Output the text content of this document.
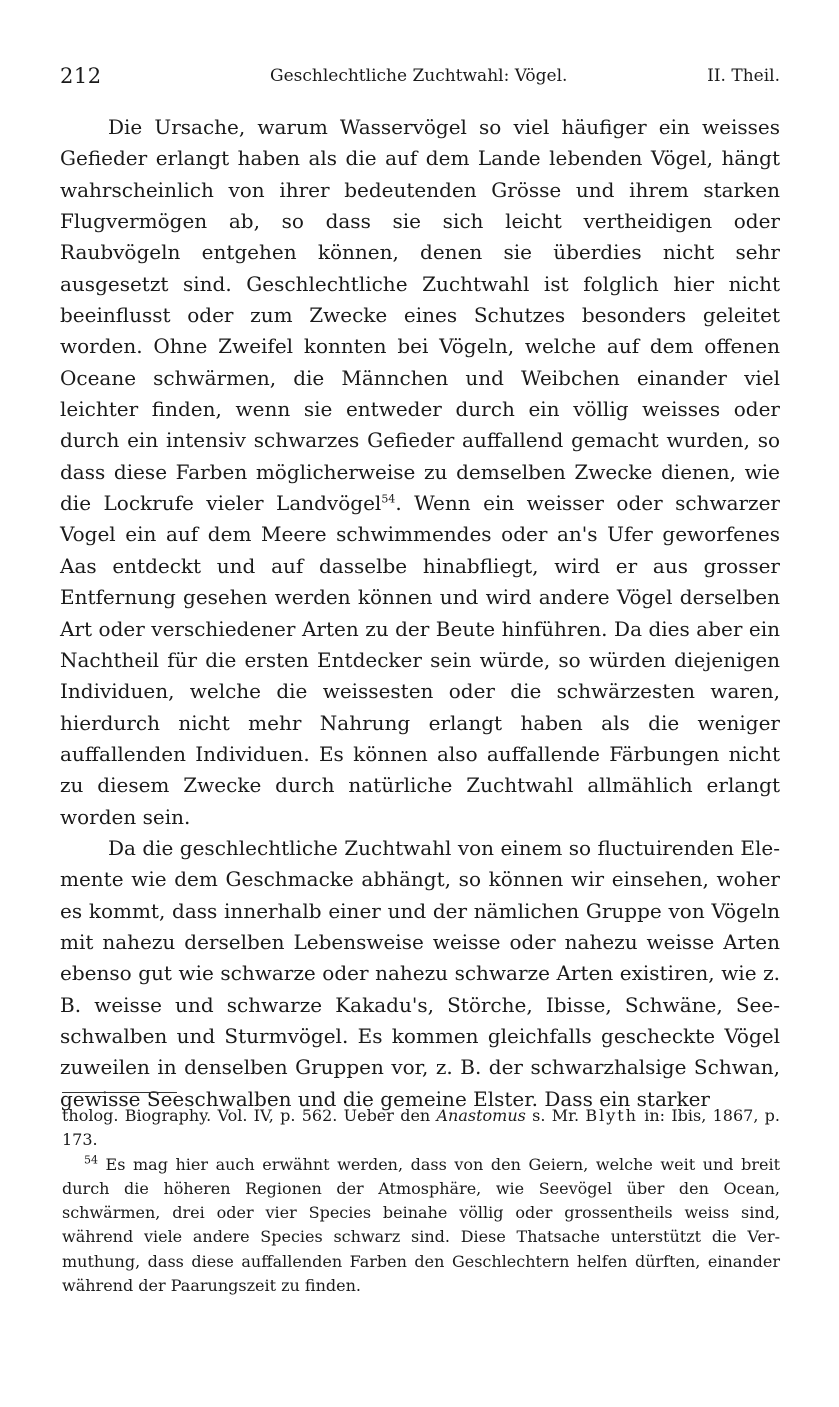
212	Geschlechtliche Zuchtwahl: Vögel.	II. Theil.

Die Ursache, warum Wasservögel so viel häufiger ein weisses Gefieder erlangt haben als die auf dem Lande lebenden Vögel, hängt wahrscheinlich von ihrer bedeutenden Grösse und ihrem starken Flugvermögen ab, so dass sie sich leicht vertheidigen oder Raubvögeln entgehen können, denen sie überdies nicht sehr ausgesetzt sind. Geschlechtliche Zuchtwahl ist folglich hier nicht beeinflusst oder zum Zwecke eines Schutzes besonders geleitet worden. Ohne Zweifel konnten bei Vögeln, welche auf dem offenen Oceane schwärmen, die Männchen und Weibchen einander viel leichter finden, wenn sie entweder durch ein völlig weisses oder durch ein intensiv schwarzes Gefieder auffallend gemacht wurden, so dass diese Farben möglicherweise zu demselben Zwecke dienen, wie die Lockrufe vieler Landvögel$^{54}$. Wenn ein weisser oder schwarzer Vogel ein auf dem Meere schwimmendes oder an's Ufer geworfenes Aas entdeckt und auf dasselbe hinabfliegt, wird er aus grosser Entfernung gesehen werden können und wird andere Vögel derselben Art oder verschiedener Arten zu der Beute hinführen. Da dies aber ein Nachtheil für die ersten Entdecker sein würde, so würden diejenigen Individuen, welche die weissesten oder die schwärzesten waren, hierdurch nicht mehr Nahrung erlangt haben als die weniger auffallenden Individuen. Es können also auffallende Färbungen nicht zu diesem Zwecke durch natürliche Zuchtwahl allmählich erlangt worden sein.

Da die geschlechtliche Zuchtwahl von einem so fluctuirenden Elemente wie dem Geschmacke abhängt, so können wir einsehen, woher es kommt, dass innerhalb einer und der nämlichen Gruppe von Vögeln mit nahezu derselben Lebensweise weisse oder nahezu weisse Arten ebenso gut wie schwarze oder nahezu schwarze Arten existiren, wie z. B. weisse und schwarze Kakadu's, Störche, Ibisse, Schwäne, Seeschwalben und Sturmvögel. Es kommen gleichfalls gescheckte Vögel zuweilen in denselben Gruppen vor, z. B. der schwarzhalsige Schwan, gewisse Seeschwalben und die gemeine Elster. Dass ein starker

tholog. Biography. Vol. IV, p. 562. Ueber den Anastomus s. Mr. Blyth in: Ibis, 1867, p. 173.

$^{54}$ Es mag hier auch erwähnt werden, dass von den Geiern, welche weit und breit durch die höheren Regionen der Atmosphäre, wie Seevögel über den Ocean, schwärmen, drei oder vier Species beinahe völlig oder grossentheils weiss sind, während viele andere Species schwarz sind. Diese Thatsache unterstützt die Vermuthung, dass diese auffallenden Farben den Geschlechtern helfen dürften, einander während der Paarungszeit zu finden.
